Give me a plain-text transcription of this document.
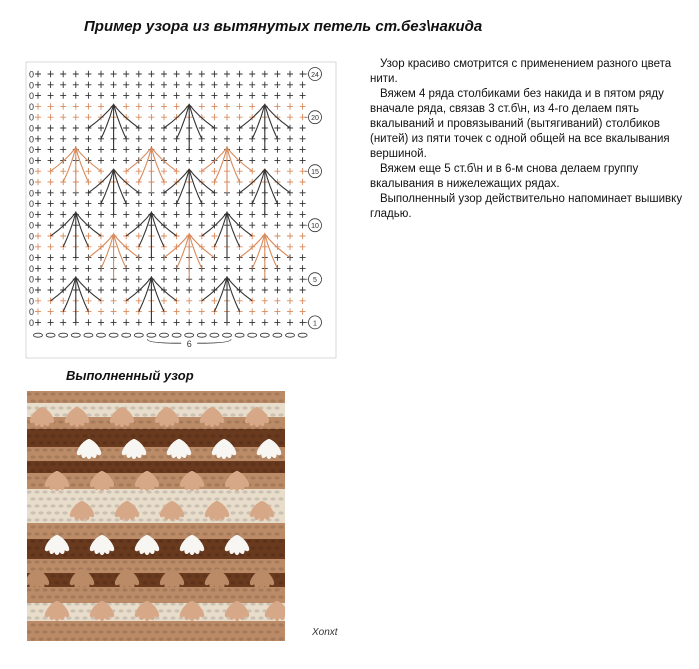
Пример узора из вытянутых петель ст.без\накида
0
0
0
0
0
0
0
0
0
0
0
0
0
0
0
0
0
0
0
0
0
0
0
0	24
20
15
10
5
1
6

Узор красиво смотрится с применением разного цвета нити.

Вяжем 4 ряда столбиками без накида и в пятом ряду вначале ряда, связав 3 ст.б\н, из 4-го делаем пять вкалываний и провязываний (вытягиваний) столбиков (нитей) из пяти точек с одной общей на все вкалывания вершиной.

Вяжем еще 5 ст.б\н и в 6-м снова делаем группу вкалывания в нижележащих рядах.

Выполненный узор действительно напоминает вышивку гладью.

Выполненный узор
Xonxt
